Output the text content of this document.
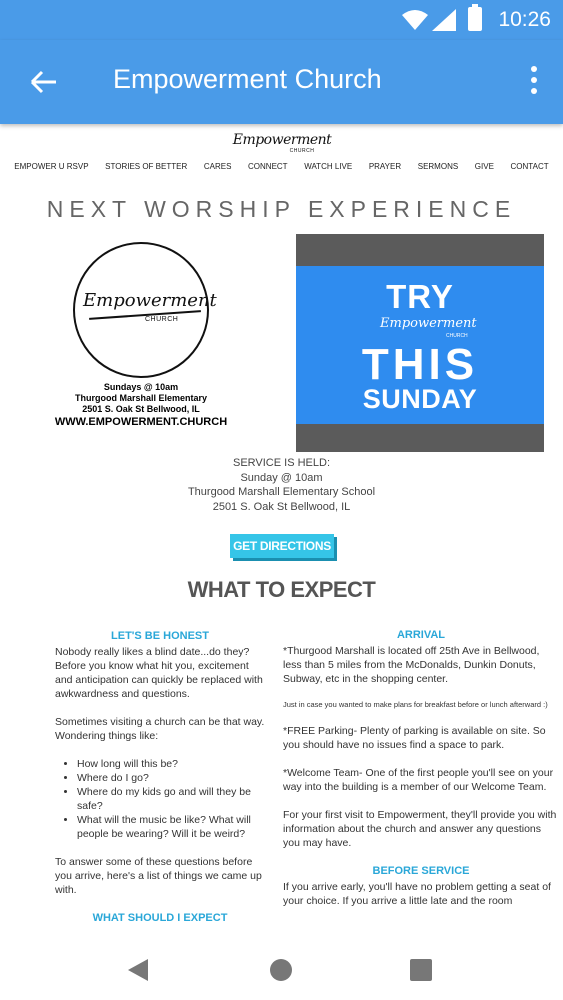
10:26
Empowerment Church
Empowerment
CHURCH
EMPOWER U RSVP STORIES OF BETTER CARES CONNECT WATCH LIVE PRAYER SERMONS GIVE CONTACT
NEXT WORSHIP EXPERIENCE
Empowerment
CHURCH
Sundays @ 10am
Thurgood Marshall Elementary
2501 S. Oak St Bellwood, IL
WWW.EMPOWERMENT.CHURCH
TRY
Empowerment
CHURCH
THIS
SUNDAY
SERVICE IS HELD:
Sunday @ 10am
Thurgood Marshall Elementary School
2501 S. Oak St Bellwood, IL
GET DIRECTIONS
WHAT TO EXPECT
LET'S BE HONEST

Nobody really likes a blind date...do they? Before you know what hit you, excitement and anticipation can quickly be replaced with awkwardness and questions.

Sometimes visiting a church can be that way. Wondering things like:

• How long will this be?
• Where do I go?
• Where do my kids go and will they be safe?
• What will the music be like? What will people be wearing? Will it be weird?

To answer some of these questions before you arrive, here's a list of things we came up with.

WHAT SHOULD I EXPECT
ARRIVAL

*Thurgood Marshall is located off 25th Ave in Bellwood, less than 5 miles from the McDonalds, Dunkin Donuts, Subway, etc in the shopping center.

Just in case you wanted to make plans for breakfast before or lunch afterward :)

*FREE Parking- Plenty of parking is available on site. So you should have no issues find a space to park.

*Welcome Team- One of the first people you'll see on your way into the building is a member of our Welcome Team.

For your first visit to Empowerment, they'll provide you with information about the church and answer any questions you may have.

BEFORE SERVICE

If you arrive early, you'll have no problem getting a seat of your choice. If you arrive a little late and the room
